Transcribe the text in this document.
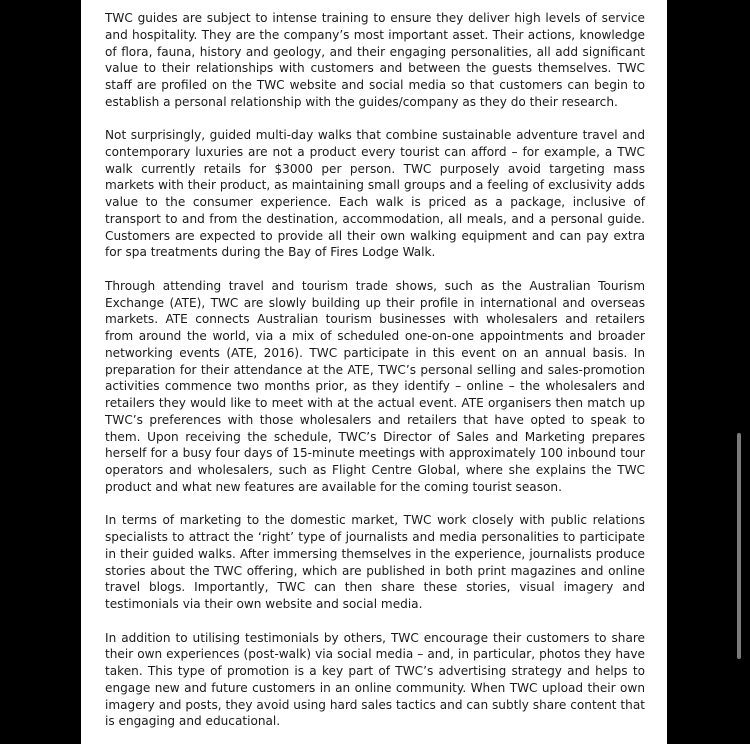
TWC guides are subject to intense training to ensure they deliver high levels of service and hospitality. They are the company’s most important asset. Their actions, knowledge of flora, fauna, history and geology, and their engaging personalities, all add significant value to their relationships with customers and between the guests themselves. TWC staff are profiled on the TWC website and social media so that customers can begin to establish a personal relationship with the guides/company as they do their research.

Not surprisingly, guided multi-day walks that combine sustainable adventure travel and contemporary luxuries are not a product every tourist can afford – for example, a TWC walk currently retails for $3000 per person. TWC purposely avoid targeting mass markets with their product, as maintaining small groups and a feeling of exclusivity adds value to the consumer experience. Each walk is priced as a package, inclusive of transport to and from the destination, accommodation, all meals, and a personal guide. Customers are expected to provide all their own walking equipment and can pay extra for spa treatments during the Bay of Fires Lodge Walk.

Through attending travel and tourism trade shows, such as the Australian Tourism Exchange (ATE), TWC are slowly building up their profile in international and overseas markets. ATE connects Australian tourism businesses with wholesalers and retailers from around the world, via a mix of scheduled one-on-one appointments and broader networking events (ATE, 2016). TWC participate in this event on an annual basis. In preparation for their attendance at the ATE, TWC’s personal selling and sales-promotion activities commence two months prior, as they identify – online – the wholesalers and retailers they would like to meet with at the actual event. ATE organisers then match up TWC’s preferences with those wholesalers and retailers that have opted to speak to them. Upon receiving the schedule, TWC’s Director of Sales and Marketing prepares herself for a busy four days of 15-minute meetings with approximately 100 inbound tour operators and wholesalers, such as Flight Centre Global, where she explains the TWC product and what new features are available for the coming tourist season.

In terms of marketing to the domestic market, TWC work closely with public relations specialists to attract the ‘right’ type of journalists and media personalities to participate in their guided walks. After immersing themselves in the experience, journalists produce stories about the TWC offering, which are published in both print magazines and online travel blogs. Importantly, TWC can then share these stories, visual imagery and testimonials via their own website and social media.

In addition to utilising testimonials by others, TWC encourage their customers to share their own experiences (post-walk) via social media – and, in particular, photos they have taken. This type of promotion is a key part of TWC’s advertising strategy and helps to engage new and future customers in an online community. When TWC upload their own imagery and posts, they avoid using hard sales tactics and can subtly share content that is engaging and educational.
